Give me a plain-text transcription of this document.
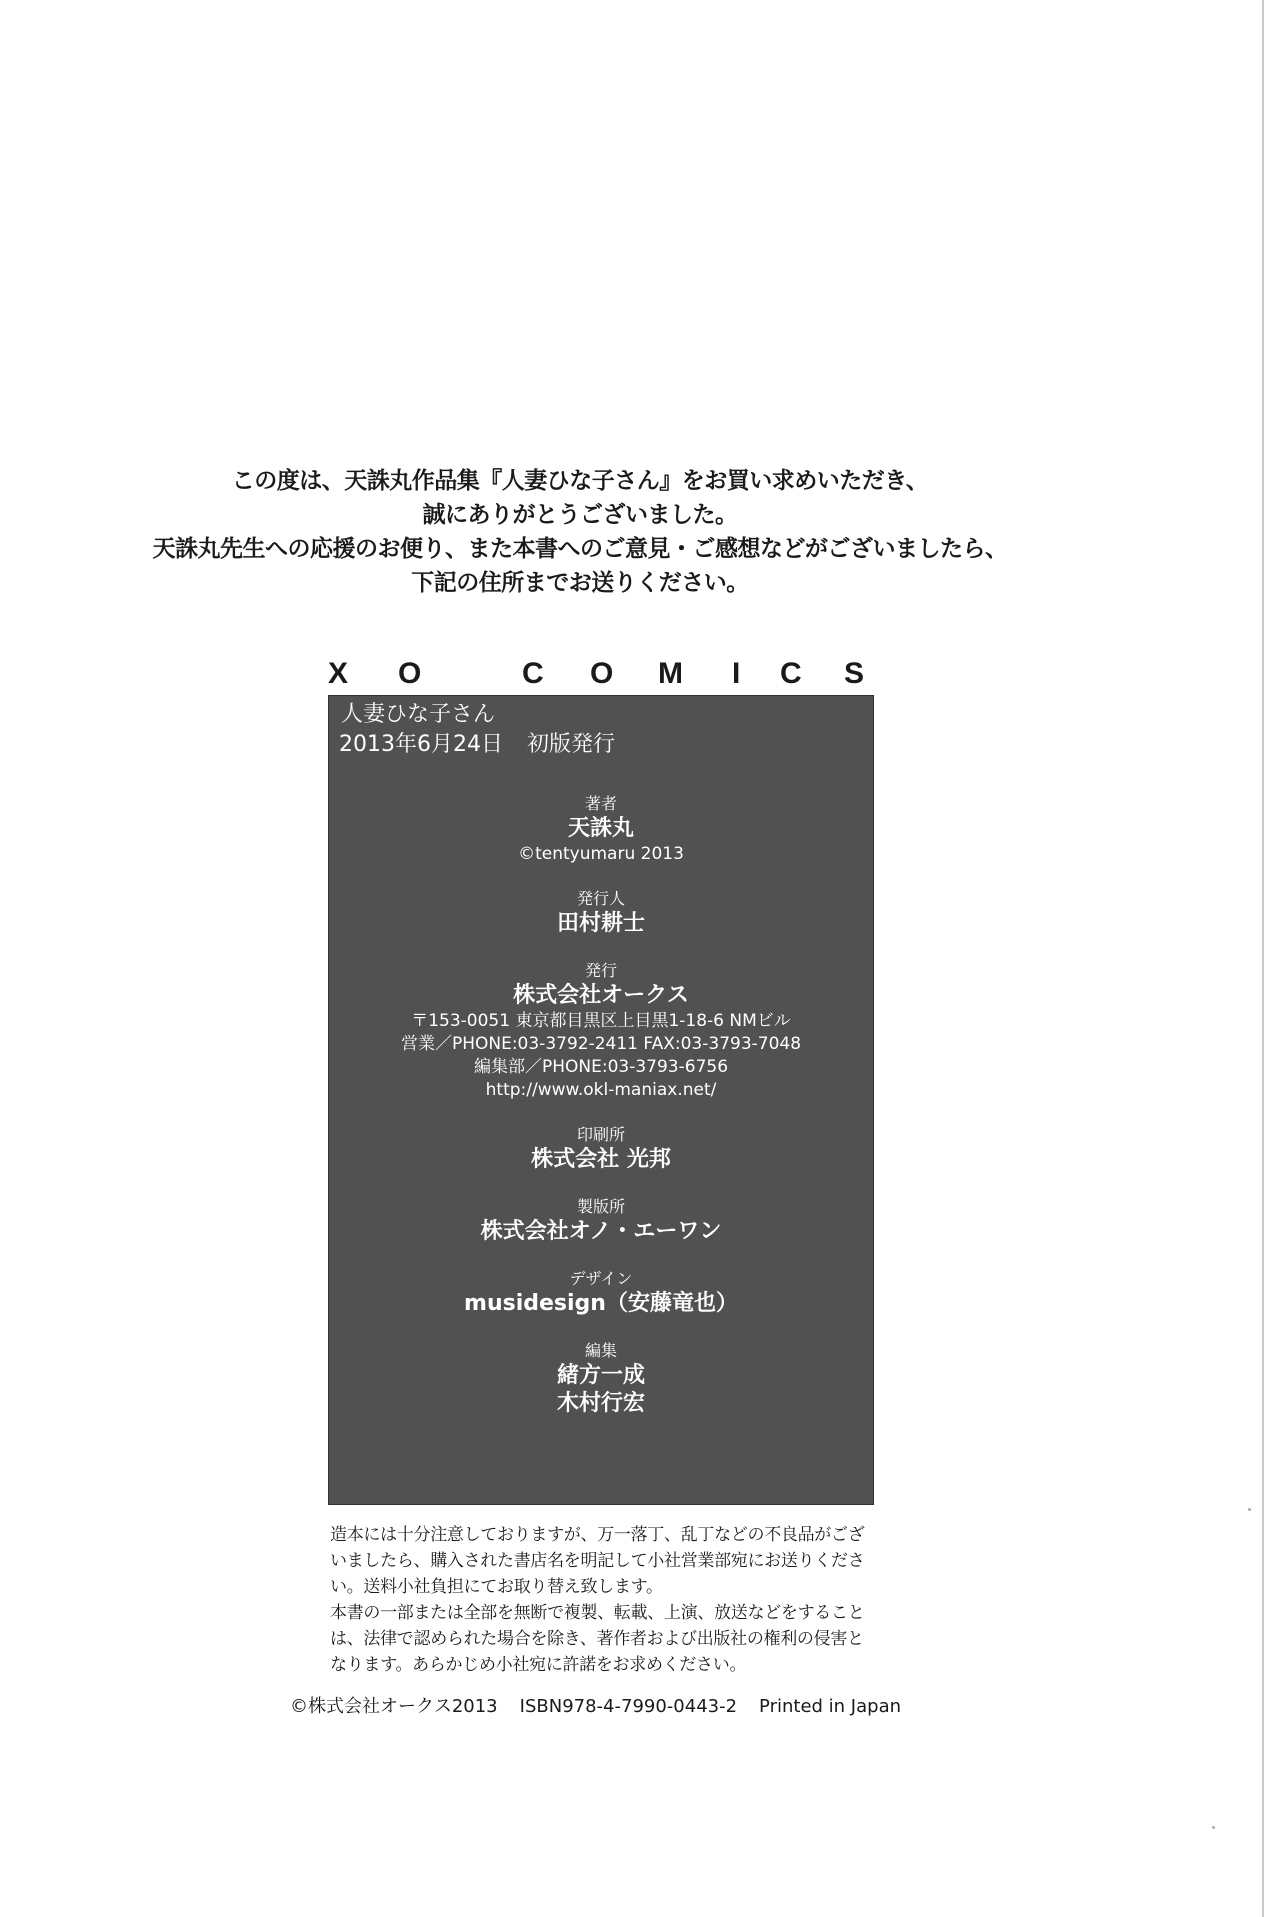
この度は、天誅丸作品集『人妻ひな子さん』をお買い求めいただき、
誠にありがとうございました。
天誅丸先生への応援のお便り、また本書へのご意見・ご感想などがございましたら、
下記の住所までお送りください。
X O	C O M I C S
人妻ひな子さん
2013年6月24日 初版発行
著者
天誅丸
©tentyumaru 2013
発行人
田村耕士
発行
株式会社オークス
〒153-0051 東京都目黒区上目黒1-18-6 NMビル
営業／PHONE:03-3792-2411 FAX:03-3793-7048
編集部／PHONE:03-3793-6756
http://www.okl-maniax.net/
印刷所
株式会社 光邦
製版所
株式会社オノ・エーワン
デザイン
musidesign（安藤竜也）
編集
緒方一成
木村行宏
造本には十分注意しておりますが、万一落丁、乱丁などの不良品がござ
いましたら、購入された書店名を明記して小社営業部宛にお送りくださ
い。送料小社負担にてお取り替え致します。
本書の一部または全部を無断で複製、転載、上演、放送などをすること
は、法律で認められた場合を除き、著作者および出版社の権利の侵害と
なります。あらかじめ小社宛に許諾をお求めください。
©株式会社オークス2013 ISBN978-4-7990-0443-2 Printed in Japan
